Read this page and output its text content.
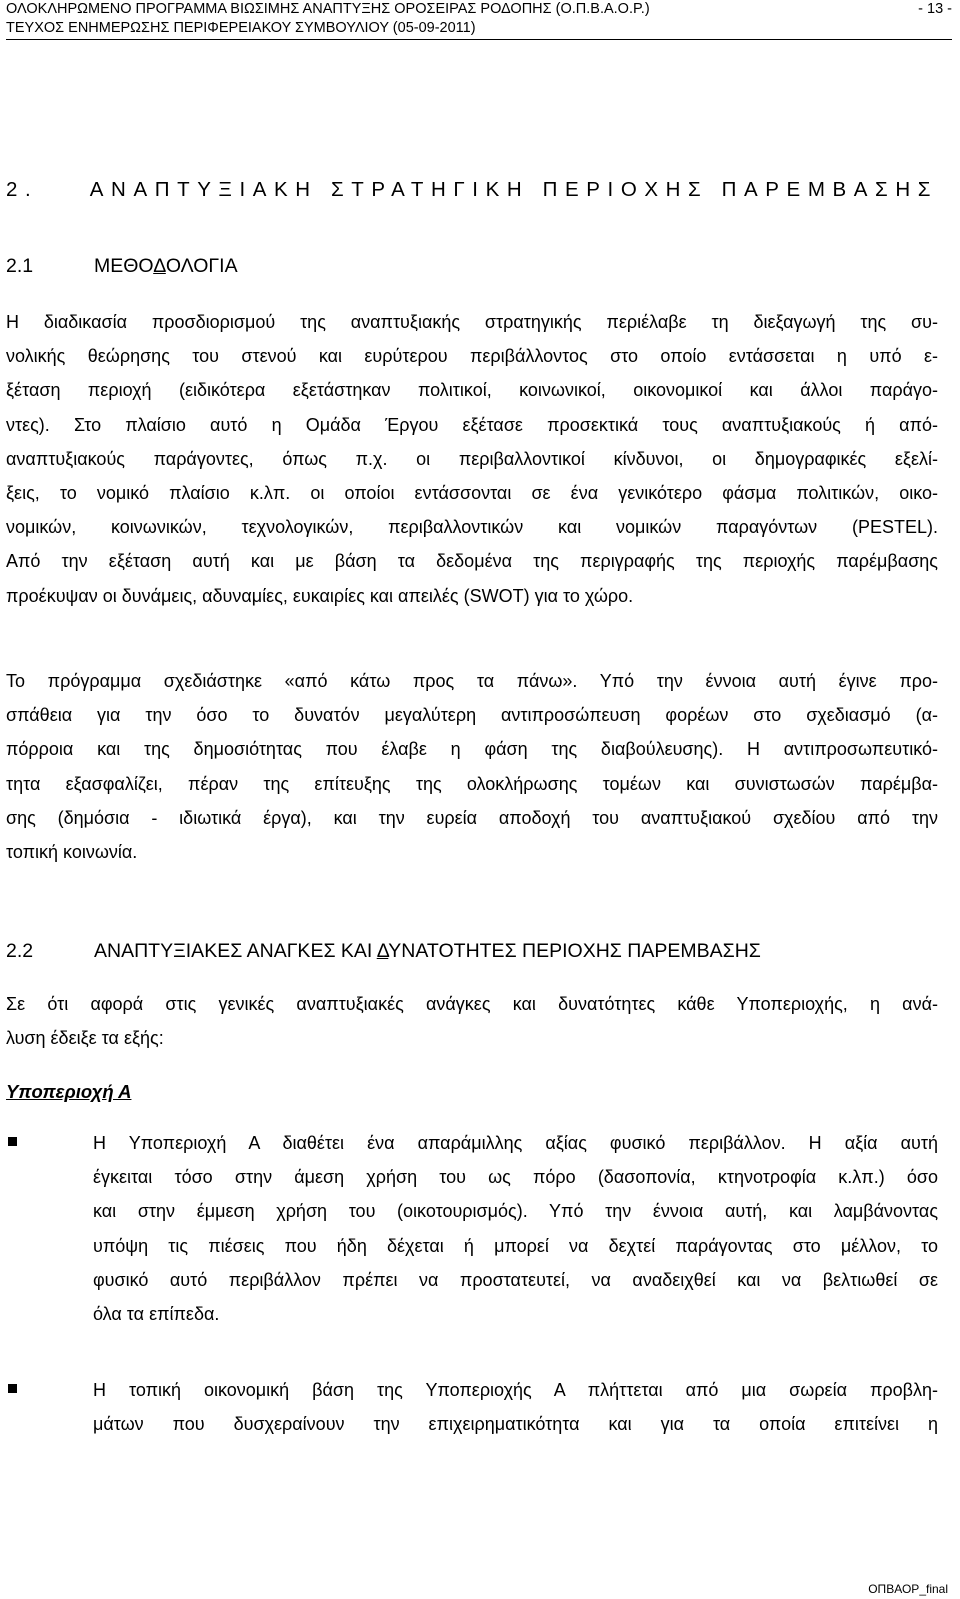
ΟΛΟΚΛΗΡΩΜΕΝΟ ΠΡΟΓΡΑΜΜΑ ΒΙΩΣΙΜΗΣ ΑΝΑΠΤΥΞΗΣ ΟΡΟΣΕΙΡΑΣ ΡΟΔΟΠΗΣ (Ο.Π.Β.Α.Ο.Ρ.)	- 13 -
ΤΕΥΧΟΣ ΕΝΗΜΕΡΩΣΗΣ ΠΕΡΙΦΕΡΕΙΑΚΟΥ ΣΥΜΒΟΥΛΙΟΥ (05-09-2011)
2.	ΑΝΑΠΤΥΞΙΑΚΗ ΣΤΡΑΤΗΓΙΚΗ ΠΕΡΙΟΧΗΣ ΠΑΡΕΜΒΑΣΗΣ
2.1	ΜΕΘΟΔΟΛΟΓΙΑ

Η διαδικασία προσδιορισμού της αναπτυξιακής στρατηγικής περιέλαβε τη διεξαγωγή της συ-
νολικής θεώρησης του στενού και ευρύτερου περιβάλλοντος στο οποίο εντάσσεται η υπό ε-
ξέταση περιοχή (ειδικότερα εξετάστηκαν πολιτικοί, κοινωνικοί, οικονομικοί και άλλοι παράγο-
ντες). Στο πλαίσιο αυτό η Ομάδα Έργου εξέτασε προσεκτικά τους αναπτυξιακούς ή από-
αναπτυξιακούς παράγοντες, όπως π.χ. οι περιβαλλοντικοί κίνδυνοι, οι δημογραφικές εξελί-
ξεις, το νομικό πλαίσιο κ.λπ. οι οποίοι εντάσσονται σε ένα γενικότερο φάσμα πολιτικών, οικο-
νομικών, κοινωνικών, τεχνολογικών, περιβαλλοντικών και νομικών παραγόντων (PESTEL).
Από την εξέταση αυτή και με βάση τα δεδομένα της περιγραφής της περιοχής παρέμβασης
προέκυψαν οι δυνάμεις, αδυναμίες, ευκαιρίες και απειλές (SWOT) για το χώρο.

Το πρόγραμμα σχεδιάστηκε «από κάτω προς τα πάνω». Υπό την έννοια αυτή έγινε προ-
σπάθεια για την όσο το δυνατόν μεγαλύτερη αντιπροσώπευση φορέων στο σχεδιασμό (α-
πόρροια και της δημοσιότητας που έλαβε η φάση της διαβούλευσης). Η αντιπροσωπευτικό-
τητα εξασφαλίζει, πέραν της επίτευξης της ολοκλήρωσης τομέων και συνιστωσών παρέμβα-
σης (δημόσια - ιδιωτικά έργα), και την ευρεία αποδοχή του αναπτυξιακού σχεδίου από την
τοπική κοινωνία.

2.2	ΑΝΑΠΤΥΞΙΑΚΕΣ ΑΝΑΓΚΕΣ ΚΑΙ ΔΥΝΑΤΟΤΗΤΕΣ ΠΕΡΙΟΧΗΣ ΠΑΡΕΜΒΑΣΗΣ

Σε ότι αφορά στις γενικές αναπτυξιακές ανάγκες και δυνατότητες κάθε Υποπεριοχής, η ανά-
λυση έδειξε τα εξής:

Υποπεριοχή Α

Η Υποπεριοχή Α διαθέτει ένα απαράμιλλης αξίας φυσικό περιβάλλον. Η αξία αυτή
έγκειται τόσο στην άμεση χρήση του ως πόρο (δασοπονία, κτηνοτροφία κ.λπ.) όσο
και στην έμμεση χρήση του (οικοτουρισμός). Υπό την έννοια αυτή, και λαμβάνοντας
υπόψη τις πιέσεις που ήδη δέχεται ή μπορεί να δεχτεί παράγοντας στο μέλλον, το
φυσικό αυτό περιβάλλον πρέπει να προστατευτεί, να αναδειχθεί και να βελτιωθεί σε
όλα τα επίπεδα.

Η τοπική οικονομική βάση της Υποπεριοχής Α πλήττεται από μια σωρεία προβλη-
μάτων που δυσχεραίνουν την επιχειρηματικότητα και για τα οποία επιτείνει η

ΟΠΒΑΟΡ_final
